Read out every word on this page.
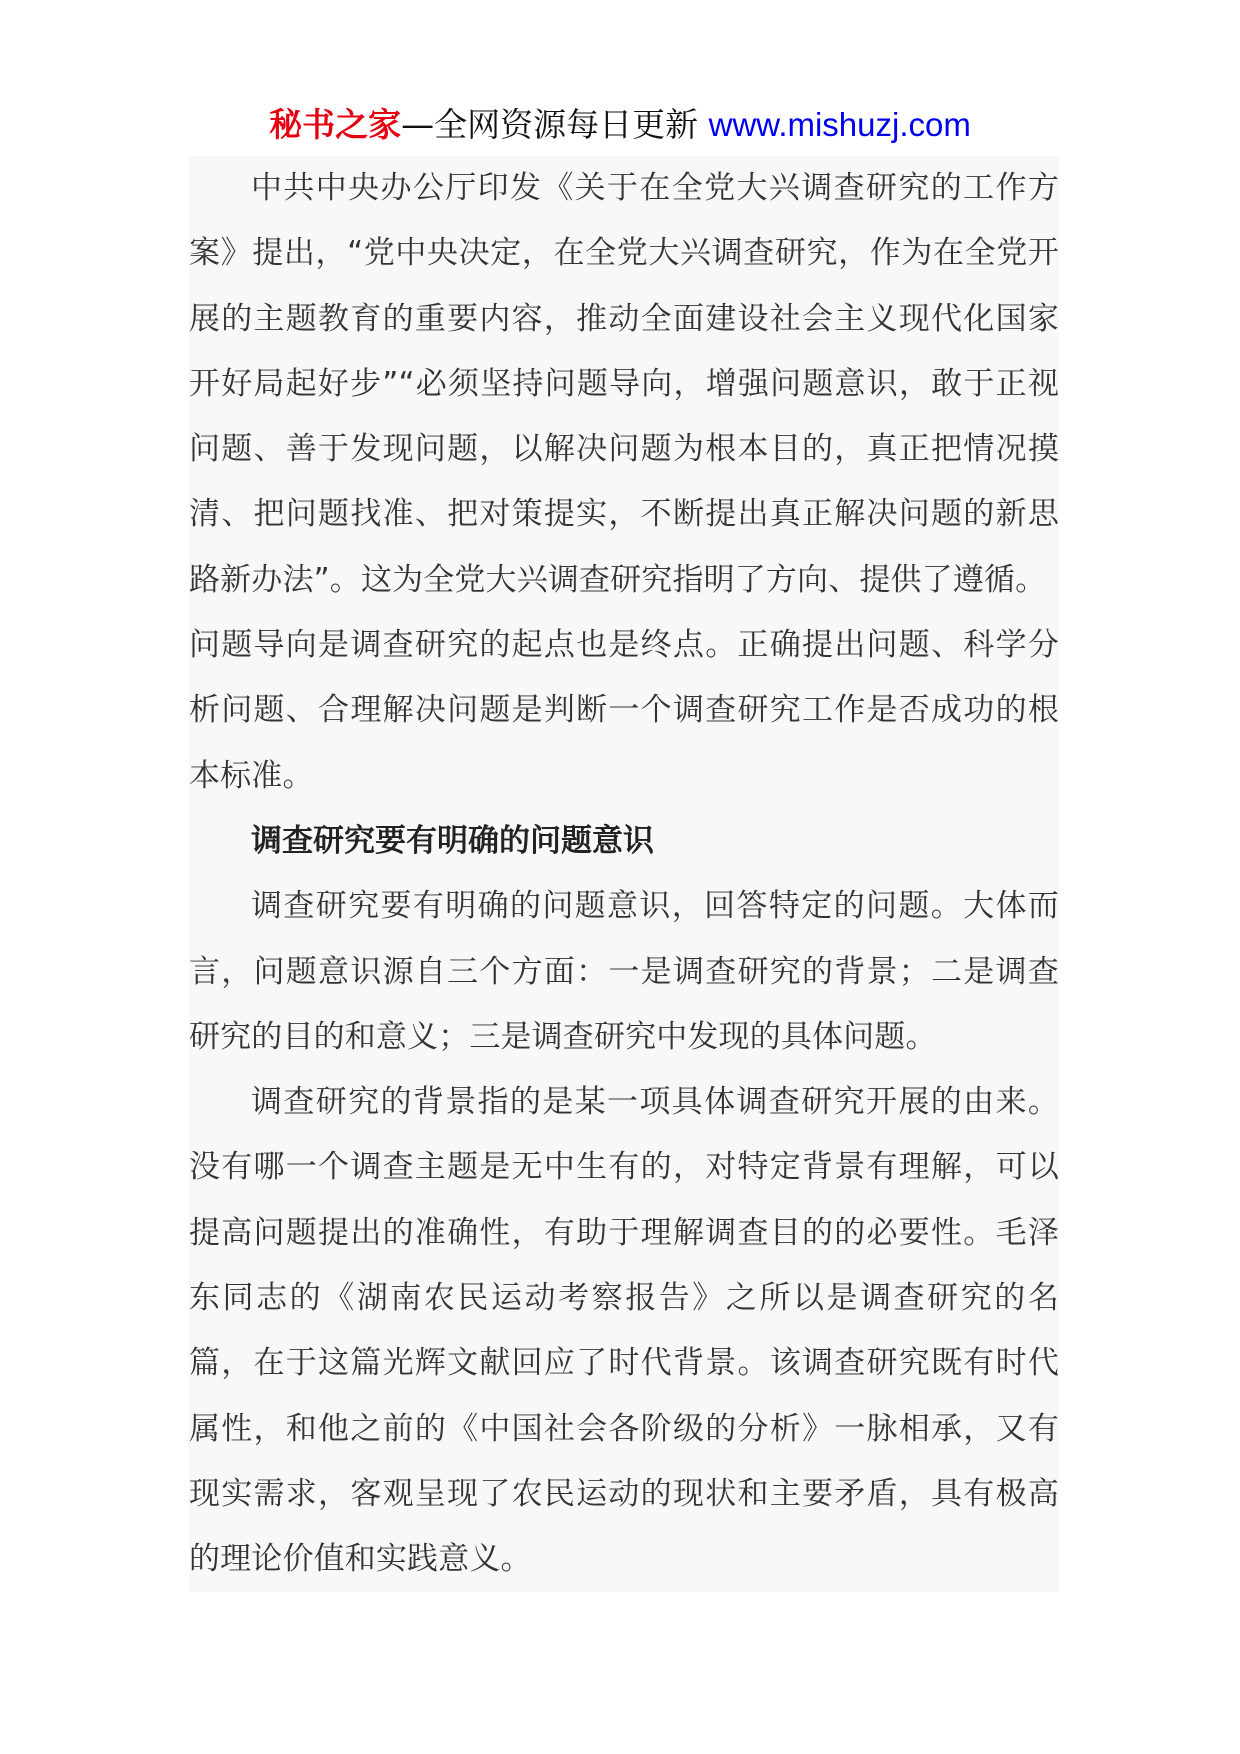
秘书之家—全网资源每日更新 www.mishuzj.com

中共中央办公厅印发《关于在全党大兴调查研究的工作方案》提出，“党中央决定，在全党大兴调查研究，作为在全党开展的主题教育的重要内容，推动全面建设社会主义现代化国家开好局起好步”“必须坚持问题导向，增强问题意识，敢于正视问题、善于发现问题，以解决问题为根本目的，真正把情况摸清、把问题找准、把对策提实，不断提出真正解决问题的新思路新办法”。这为全党大兴调查研究指明了方向、提供了遵循。

问题导向是调查研究的起点也是终点。正确提出问题、科学分析问题、合理解决问题是判断一个调查研究工作是否成功的根本标准。

调查研究要有明确的问题意识

调查研究要有明确的问题意识，回答特定的问题。大体而言，问题意识源自三个方面：一是调查研究的背景；二是调查研究的目的和意义；三是调查研究中发现的具体问题。

调查研究的背景指的是某一项具体调查研究开展的由来。没有哪一个调查主题是无中生有的，对特定背景有理解，可以提高问题提出的准确性，有助于理解调查目的的必要性。毛泽东同志的《湖南农民运动考察报告》之所以是调查研究的名篇，在于这篇光辉文献回应了时代背景。该调查研究既有时代属性，和他之前的《中国社会各阶级的分析》一脉相承，又有现实需求，客观呈现了农民运动的现状和主要矛盾，具有极高的理论价值和实践意义。
